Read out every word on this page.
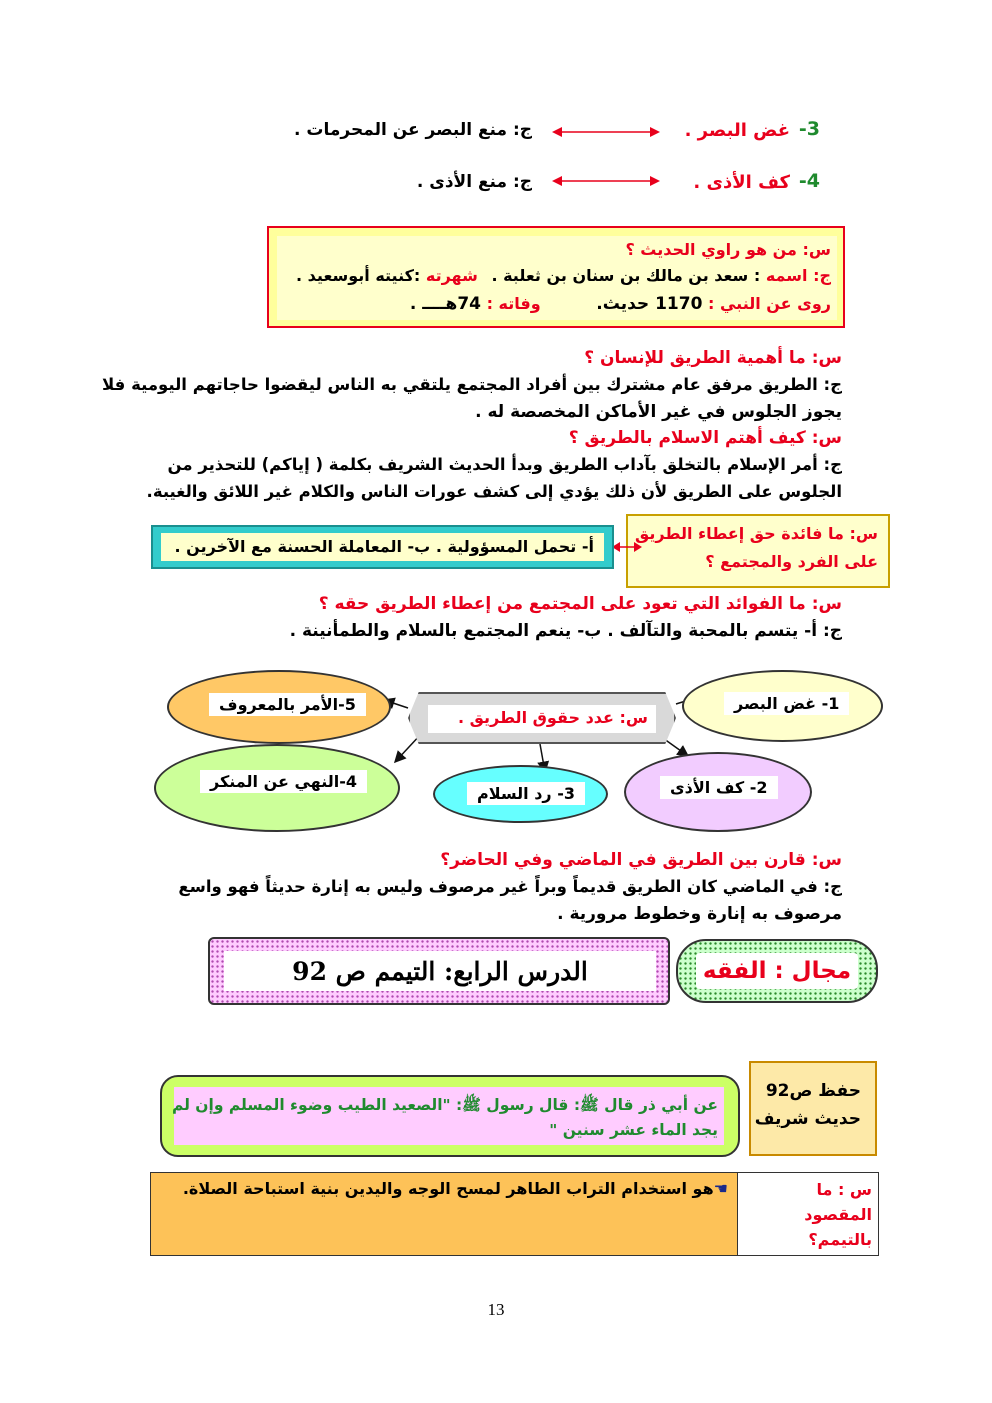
3-
غض البصر .
ج: منع البصر عن المحرمات .
4-
كف الأذى .
ج: منع الأذى .
س: من هو راوي الحديث ؟
ج: اسمه : سعد بن مالك بن سنان بن ثعلبة . شهرته :كنيته أبوسعيد .
روى عن النبي : 1170 حديث. وفاته : 74هــــ .
س: ما أهمية الطريق للإنسان ؟
ج: الطريق مرفق عام مشترك بين أفراد المجتمع يلتقي به الناس ليقضوا حاجاتهم اليومية فلا
يجوز الجلوس في غير الأماكن المخصصة له .
س: كيف أهتم الاسلام بالطريق ؟
ج: أمر الإسلام بالتخلق بآداب الطريق وبدأ الحديث الشريف بكلمة ( إياكم) للتحذير من
الجلوس على الطريق لأن ذلك يؤدي إلى كشف عورات الناس والكلام غير اللائق والغيبة.
س: ما فائدة حق إعطاء الطريق
على الفرد والمجتمع ؟
أ- تحمل المسؤولية . ب- المعاملة الحسنة مع الآخرين .
س: ما الفوائد التي تعود على المجتمع من إعطاء الطريق حقه ؟
ج: أ- يتسم بالمحبة والتآلف . ب- ينعم المجتمع بالسلام والطمأنينة .
س: عدد حقوق الطريق .
1- غض البصر
2- كف الأذى
3- رد السلام
4-النهي عن المنكر
5-الأمر بالمعروف
س: قارن بين الطريق في الماضي وفي الحاضر؟
ج: في الماضي كان الطريق قديماً وبراً غير مرصوف وليس به إنارة حديثاً فهو واسع
مرصوف به إنارة وخطوط مرورية .
مجال : الفقه
الدرس الرابع: التيمم ص 92
حفظ ص92
حديث شريف
عن أبي ذر قال ﷺ: قال رسول ﷺ: "الصعيد الطيب وضوء المسلم وإن لم
يجد الماء عشر سنين "
س : ما المقصود بالتيمم؟
☚هو استخدام التراب الطاهر لمسح الوجه واليدين بنية استباحة الصلاة.
13
